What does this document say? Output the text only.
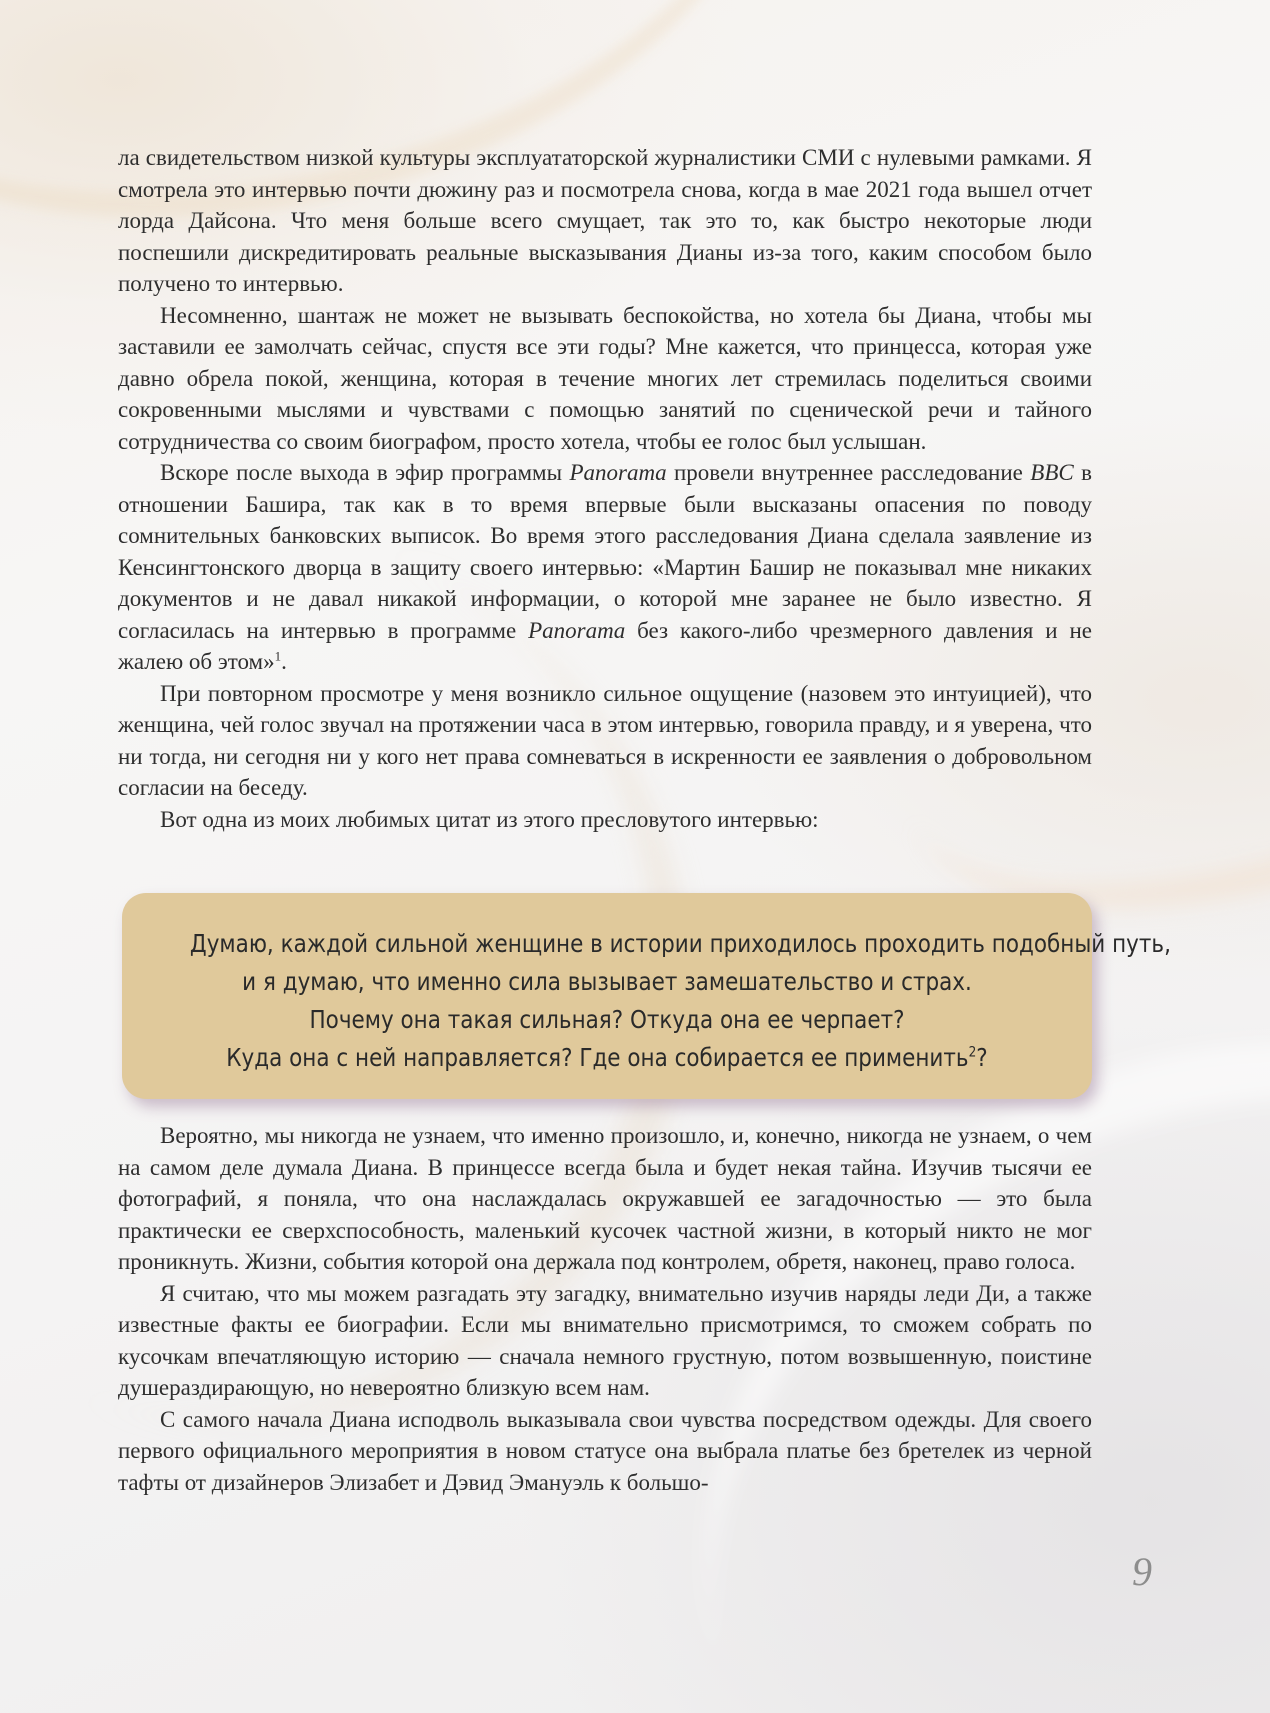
ла свидетельством низкой культуры эксплуататорской журналистики СМИ с нулевыми рамками. Я смотрела это интервью почти дюжину раз и посмотрела снова, когда в мае 2021 года вышел отчет лорда Дайсона. Что меня больше всего смущает, так это то, как быстро некоторые люди поспешили дискредитировать реальные высказывания Дианы из-за того, каким способом было получено то интервью.

Несомненно, шантаж не может не вызывать беспокойства, но хотела бы Диана, чтобы мы заставили ее замолчать сейчас, спустя все эти годы? Мне кажется, что принцесса, которая уже давно обрела покой, женщина, которая в течение многих лет стремилась поделиться своими сокровенными мыслями и чувствами с помощью занятий по сценической речи и тайного сотрудничества со своим биографом, просто хотела, чтобы ее голос был услышан.

Вскоре после выхода в эфир программы Panorama провели внутреннее расследование BBC в отношении Башира, так как в то время впервые были высказаны опасения по поводу сомнительных банковских выписок. Во время этого расследования Диана сделала заявление из Кенсингтонского дворца в защиту своего интервью: «Мартин Башир не показывал мне никаких документов и не давал никакой информации, о которой мне заранее не было известно. Я согласилась на интервью в программе Panorama без какого-либо чрезмерного давления и не жалею об этом»$^1$.

При повторном просмотре у меня возникло сильное ощущение (назовем это интуицией), что женщина, чей голос звучал на протяжении часа в этом интервью, говорила правду, и я уверена, что ни тогда, ни сегодня ни у кого нет права сомневаться в искренности ее заявления о добровольном согласии на беседу.

Вот одна из моих любимых цитат из этого пресловутого интервью:

Думаю, каждой сильной женщине в истории приходилось проходить подобный путь,
и я думаю, что именно сила вызывает замешательство и страх.
Почему она такая сильная? Откуда она ее черпает?
Куда она с ней направляется? Где она собирается ее применить$^2$?

Вероятно, мы никогда не узнаем, что именно произошло, и, конечно, никогда не узнаем, о чем на самом деле думала Диана. В принцессе всегда была и будет некая тайна. Изучив тысячи ее фотографий, я поняла, что она наслаждалась окружавшей ее загадочностью — это была практически ее сверхспособность, маленький кусочек частной жизни, в который никто не мог проникнуть. Жизни, события которой она держала под контролем, обретя, наконец, право голоса.

Я считаю, что мы можем разгадать эту загадку, внимательно изучив наряды леди Ди, а также известные факты ее биографии. Если мы внимательно присмотримся, то сможем собрать по кусочкам впечатляющую историю — сначала немного грустную, потом возвышенную, поистине душераздирающую, но невероятно близкую всем нам.

С самого начала Диана исподволь выказывала свои чувства посредством одежды. Для своего первого официального мероприятия в новом статусе она выбрала платье без бретелек из черной тафты от дизайнеров Элизабет и Дэвид Эмануэль к большо-

9
